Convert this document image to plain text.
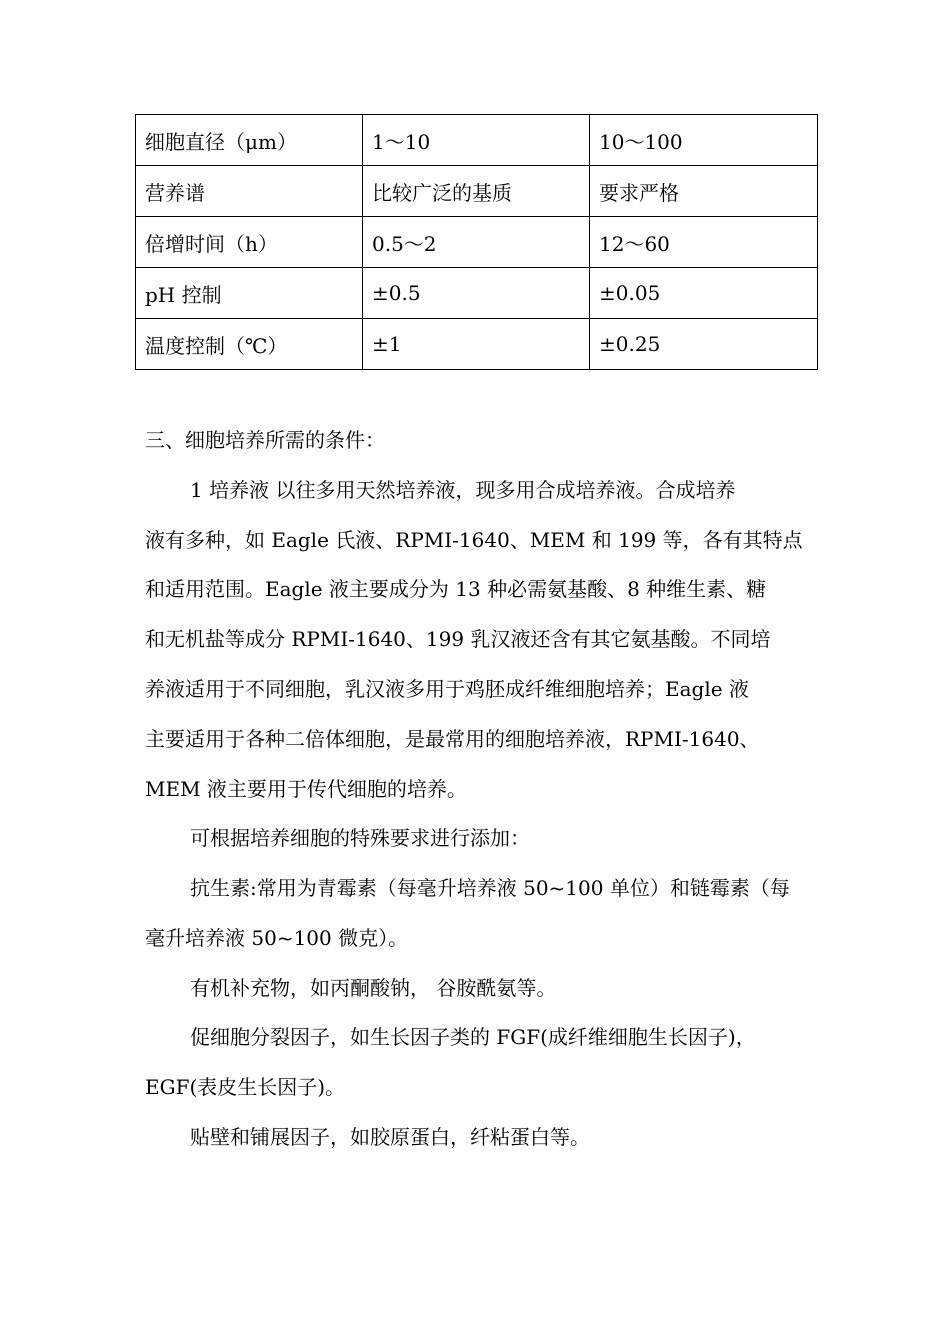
细胞直径（μm）	1～10	10～100
营养谱	比较广泛的基质	要求严格
倍增时间（h）	0.5～2	12～60
pH 控制	±0.5	±0.05
温度控制（℃）	±1	±0.25
三、细胞培养所需的条件：
1 培养液 以往多用天然培养液，现多用合成培养液。合成培养
液有多种，如 Eagle 氏液、RPMI-1640、MEM 和 199 等，各有其特点
和适用范围。Eagle 液主要成分为 13 种必需氨基酸、8 种维生素、糖
和无机盐等成分 RPMI-1640、199 乳汉液还含有其它氨基酸。不同培
养液适用于不同细胞，乳汉液多用于鸡胚成纤维细胞培养；Eagle 液
主要适用于各种二倍体细胞，是最常用的细胞培养液，RPMI-1640、
MEM 液主要用于传代细胞的培养。
可根据培养细胞的特殊要求进行添加：
抗生素:常用为青霉素（每毫升培养液 50~100 单位）和链霉素（每
毫升培养液 50~100 微克）。
有机补充物，如丙酮酸钠， 谷胺酰氨等。
促细胞分裂因子，如生长因子类的 FGF(成纤维细胞生长因子)，
EGF(表皮生长因子)。
贴壁和铺展因子，如胶原蛋白，纤粘蛋白等。
